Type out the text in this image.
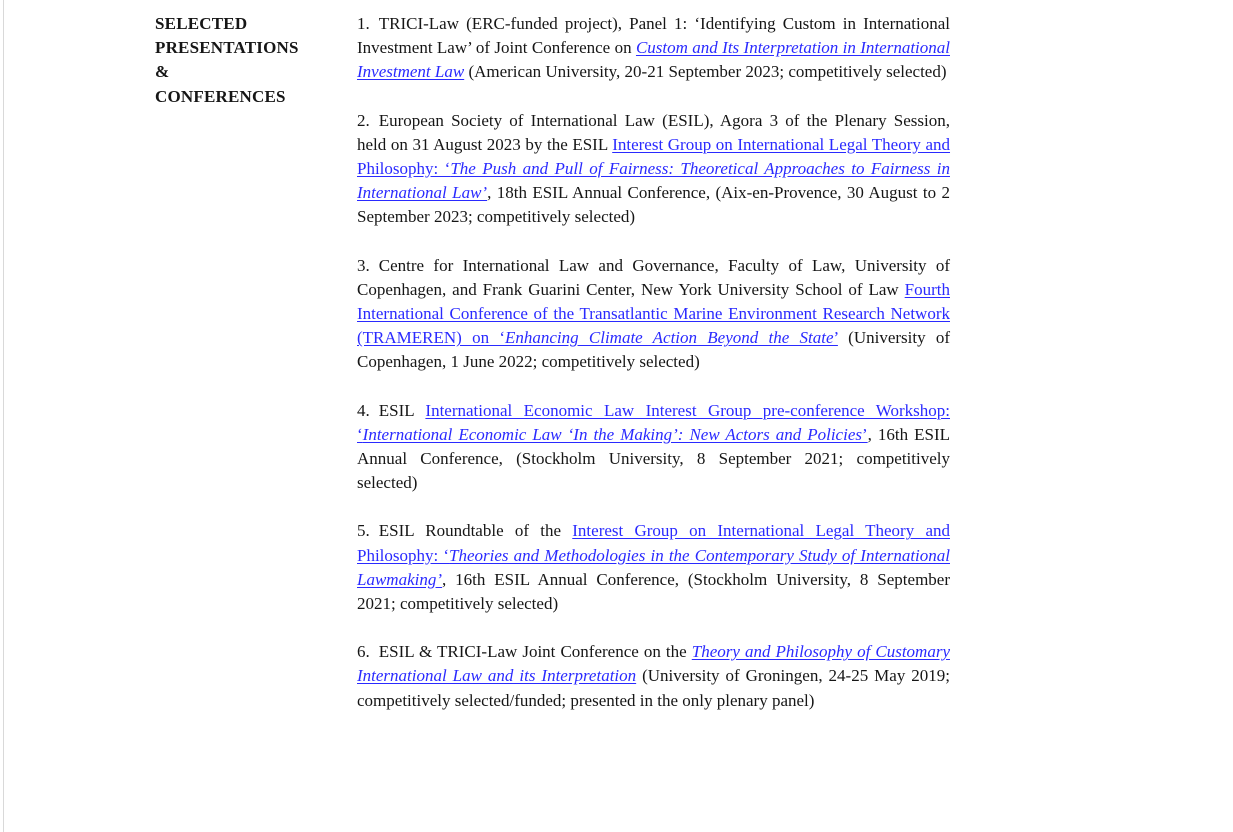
SELECTED
PRESENTATIONS
&
CONFERENCES

1. TRICI-Law (ERC-funded project), Panel 1: ‘Identifying Custom in International Investment Law’ of Joint Conference on Custom and Its Interpretation in International Investment Law (American University, 20-21 September 2023; competitively selected)

2. European Society of International Law (ESIL), Agora 3 of the Plenary Session, held on 31 August 2023 by the ESIL Interest Group on International Legal Theory and Philosophy: ‘The Push and Pull of Fairness: Theoretical Approaches to Fairness in International Law’, 18th ESIL Annual Conference, (Aix-en-Provence, 30 August to 2 September 2023; competitively selected)

3. Centre for International Law and Governance, Faculty of Law, University of Copenhagen, and Frank Guarini Center, New York University School of Law Fourth International Conference of the Transatlantic Marine Environment Research Network (TRAMEREN) on ‘Enhancing Climate Action Beyond the State’ (University of Copenhagen, 1 June 2022; competitively selected)

4. ESIL International Economic Law Interest Group pre-conference Workshop: ‘International Economic Law ‘In the Making’: New Actors and Policies’, 16th ESIL Annual Conference, (Stockholm University, 8 September 2021; competitively selected)

5. ESIL Roundtable of the Interest Group on International Legal Theory and Philosophy: ‘Theories and Methodologies in the Contemporary Study of International Lawmaking’, 16th ESIL Annual Conference, (Stockholm University, 8 September 2021; competitively selected)

6. ESIL & TRICI-Law Joint Conference on the Theory and Philosophy of Customary International Law and its Interpretation (University of Groningen, 24-25 May 2019; competitively selected/funded; presented in the only plenary panel)
